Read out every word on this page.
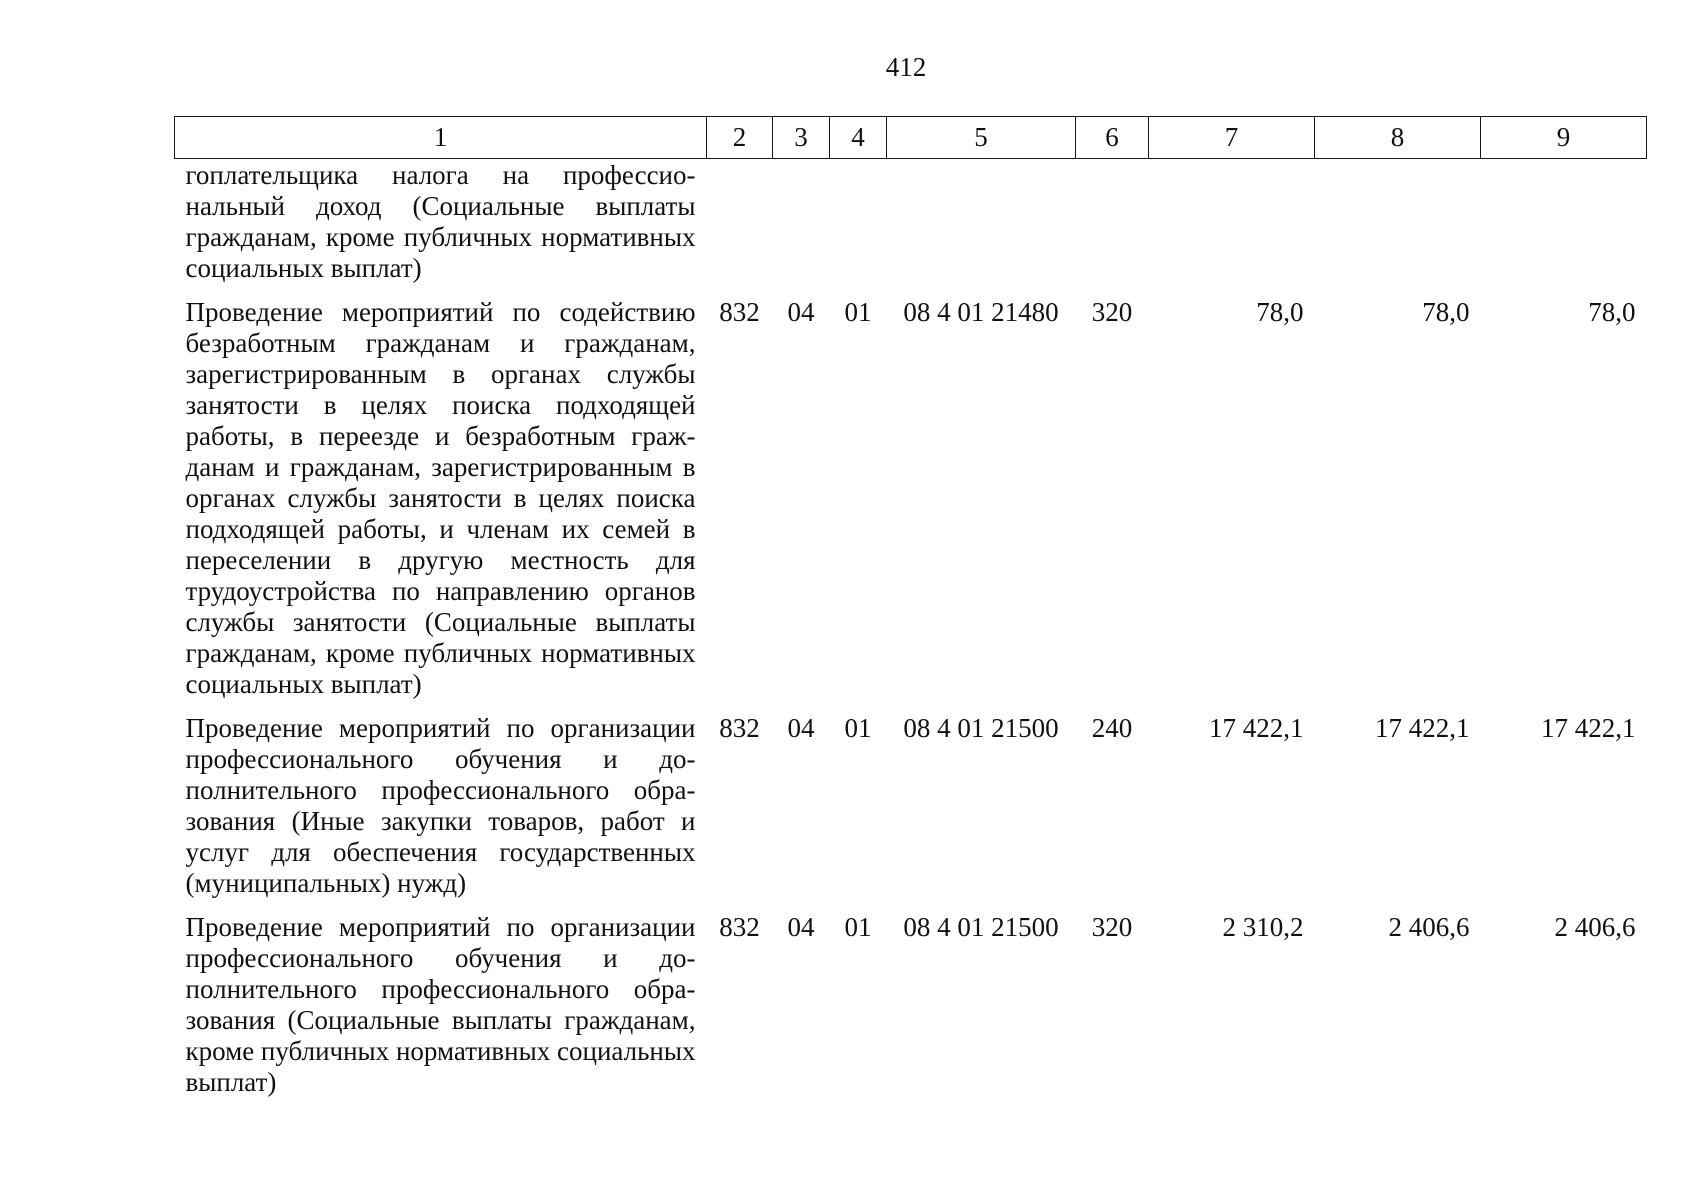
412
1	2	3	4	5	6	7	8	9
гоплательщика налога на профессиональный доход (Социальные выплаты гражданам, кроме публичных нормативных социальных выплат)								
Проведение мероприятий по содействию безработным гражданам и гражданам, зарегистрированным в органах службы занятости в целях поиска подходящей работы, в переезде и безработным гражданам и гражданам, зарегистрированным в органах службы занятости в целях поиска подходящей работы, и членам их семей в переселении в другую местность для трудоустройства по направлению органов службы занятости (Социальные выплаты гражданам, кроме публичных нормативных социальных выплат)	832	04	01	08 4 01 21480	320	78,0	78,0	78,0
Проведение мероприятий по организации профессионального обучения и дополнительного профессионального образования (Иные закупки товаров, работ и услуг для обеспечения государственных (муниципальных) нужд)	832	04	01	08 4 01 21500	240	17 422,1	17 422,1	17 422,1
Проведение мероприятий по организации профессионального обучения и дополнительного профессионального образования (Социальные выплаты гражданам, кроме публичных нормативных социальных выплат)	832	04	01	08 4 01 21500	320	2 310,2	2 406,6	2 406,6
